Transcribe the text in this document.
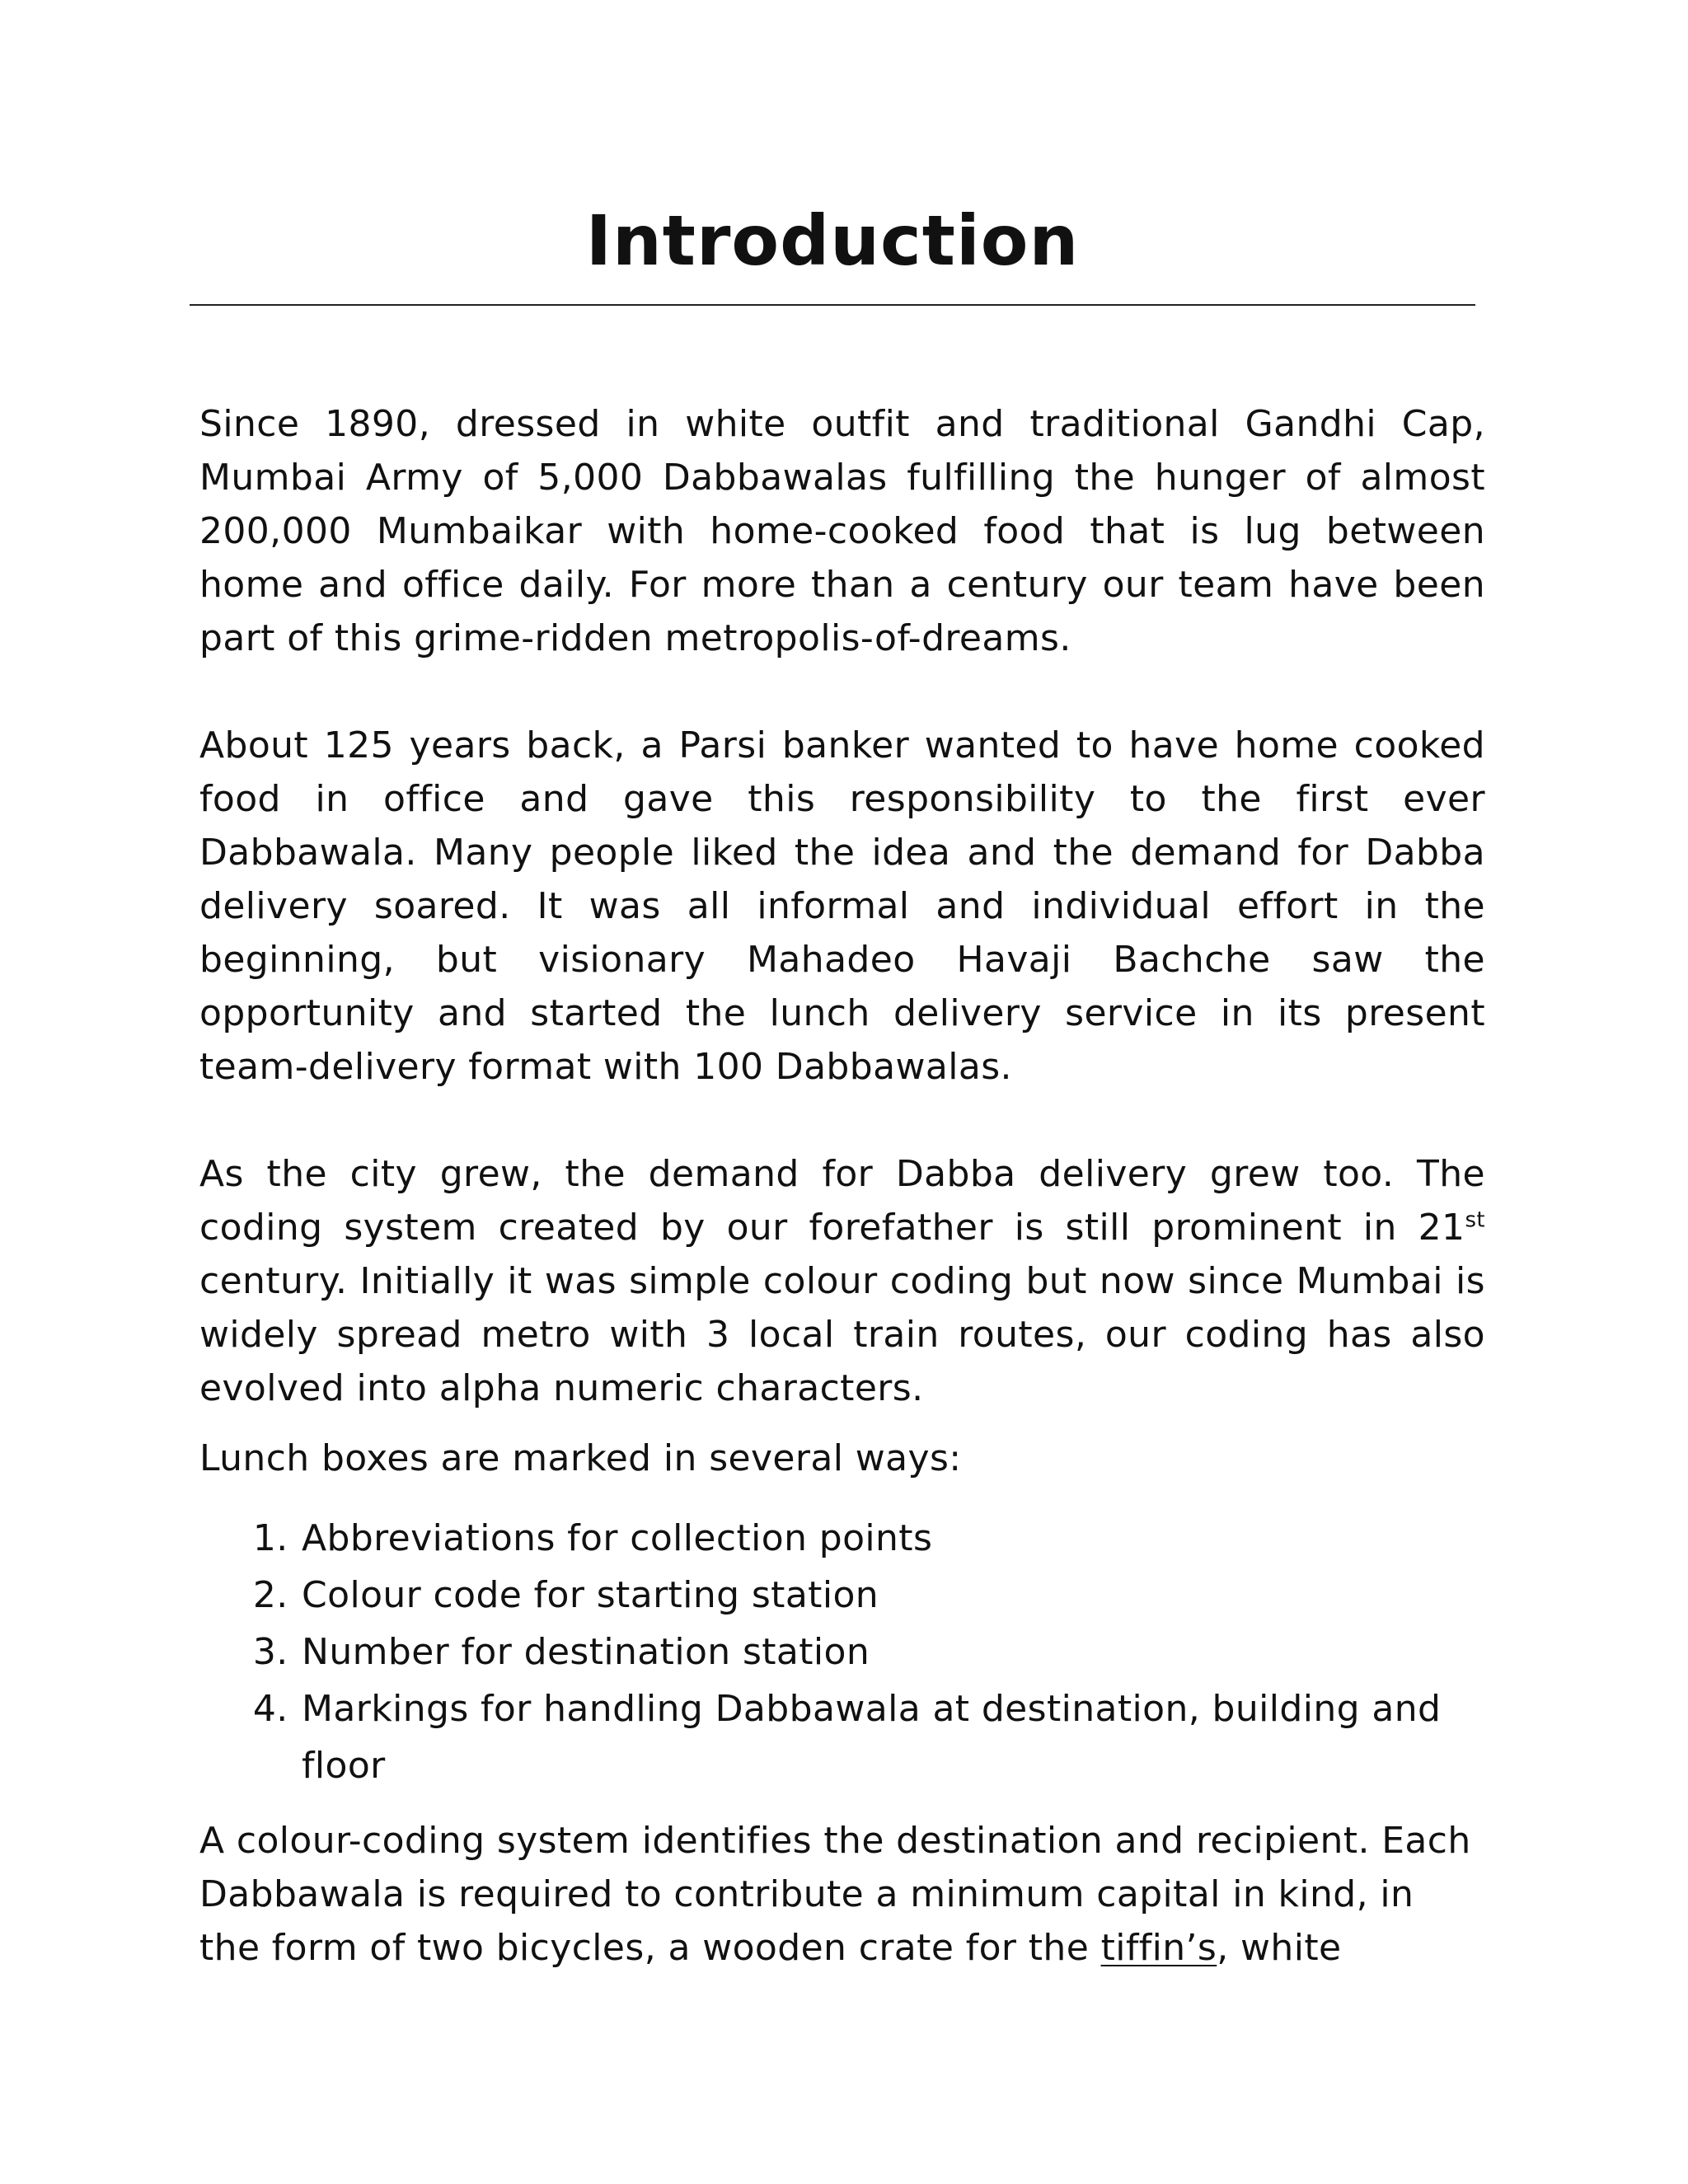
Introduction

Since 1890, dressed in white outfit and traditional Gandhi Cap, Mumbai Army of 5,000 Dabbawalas fulfilling the hunger of almost 200,000 Mumbaikar with home-cooked food that is lug between home and office daily. For more than a century our team have been part of this grime-ridden metropolis-of-dreams.

About 125 years back, a Parsi banker wanted to have home cooked food in office and gave this responsibility to the first ever Dabbawala. Many people liked the idea and the demand for Dabba delivery soared. It was all informal and individual effort in the beginning, but visionary Mahadeo Havaji Bachche saw the opportunity and started the lunch delivery service in its present team-delivery format with 100 Dabbawalas.

As the city grew, the demand for Dabba delivery grew too. The coding system created by our forefather is still prominent in 21st century. Initially it was simple colour coding but now since Mumbai is widely spread metro with 3 local train routes, our coding has also evolved into alpha numeric characters.

Lunch boxes are marked in several ways:

1. Abbreviations for collection points
2. Colour code for starting station
3. Number for destination station
4. Markings for handling Dabbawala at destination, building and floor

A colour-coding system identifies the destination and recipient. Each Dabbawala is required to contribute a minimum capital in kind, in the form of two bicycles, a wooden crate for the tiffin’s, white
